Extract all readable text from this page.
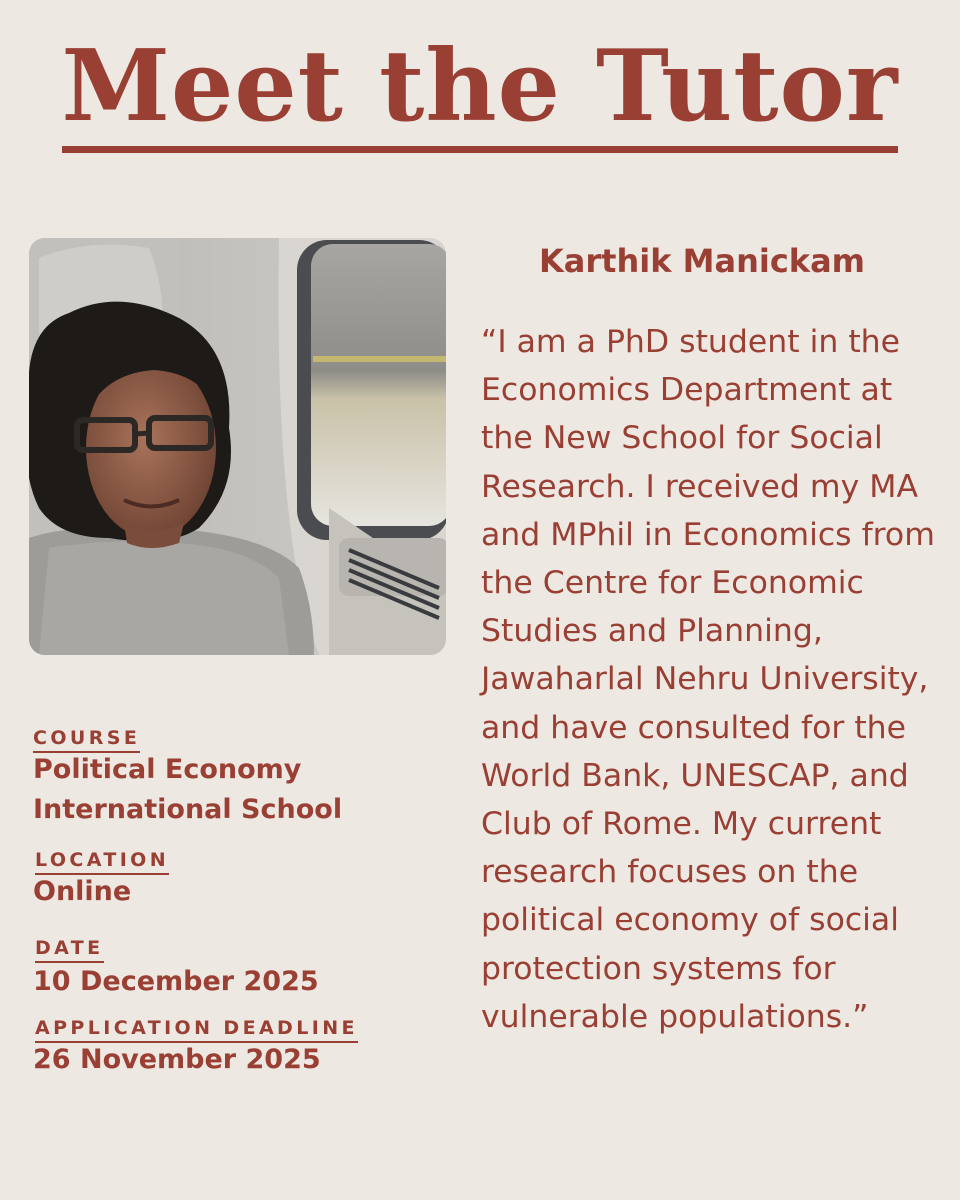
Meet the Tutor
Karthik Manickam

“I am a PhD student in the Economics Department at the New School for Social Research. I received my MA and MPhil in Economics from the Centre for Economic Studies and Planning, Jawaharlal Nehru University, and have consulted for the World Bank, UNESCAP, and Club of Rome. My current research focuses on the political economy of social protection systems for vulnerable populations.”

COURSE
Political Economy
International School
LOCATION
Online
DATE
10 December 2025
APPLICATION DEADLINE
26 November 2025
